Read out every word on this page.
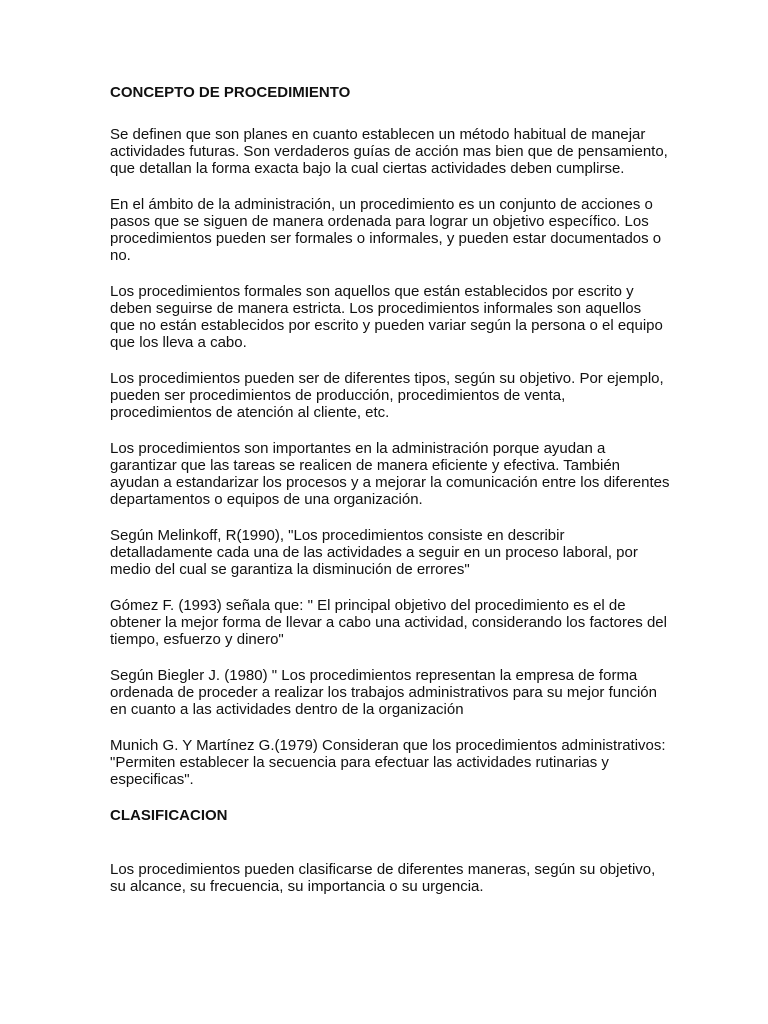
CONCEPTO DE PROCEDIMIENTO

Se definen que son planes en cuanto establecen un método habitual de manejar actividades futuras. Son verdaderos guías de acción mas bien que de pensamiento, que detallan la forma exacta bajo la cual ciertas actividades deben cumplirse.

En el ámbito de la administración, un procedimiento es un conjunto de acciones o pasos que se siguen de manera ordenada para lograr un objetivo específico. Los procedimientos pueden ser formales o informales, y pueden estar documentados o no.

Los procedimientos formales son aquellos que están establecidos por escrito y deben seguirse de manera estricta. Los procedimientos informales son aquellos que no están establecidos por escrito y pueden variar según la persona o el equipo que los lleva a cabo.

Los procedimientos pueden ser de diferentes tipos, según su objetivo. Por ejemplo, pueden ser procedimientos de producción, procedimientos de venta, procedimientos de atención al cliente, etc.

Los procedimientos son importantes en la administración porque ayudan a garantizar que las tareas se realicen de manera eficiente y efectiva. También ayudan a estandarizar los procesos y a mejorar la comunicación entre los diferentes departamentos o equipos de una organización.

Según Melinkoff, R(1990), "Los procedimientos consiste en describir detalladamente cada una de las actividades a seguir en un proceso laboral, por medio del cual se garantiza la disminución de errores"

Gómez F. (1993) señala que: " El principal objetivo del procedimiento es el de obtener la mejor forma de llevar a cabo una actividad, considerando los factores del tiempo, esfuerzo y dinero"

Según Biegler J. (1980) " Los procedimientos representan la empresa de forma ordenada de proceder a realizar los trabajos administrativos para su mejor función en cuanto a las actividades dentro de la organización

Munich G. Y Martínez G.(1979) Consideran que los procedimientos administrativos: "Permiten establecer la secuencia para efectuar las actividades rutinarias y especificas".

CLASIFICACION

Los procedimientos pueden clasificarse de diferentes maneras, según su objetivo, su alcance, su frecuencia, su importancia o su urgencia.
